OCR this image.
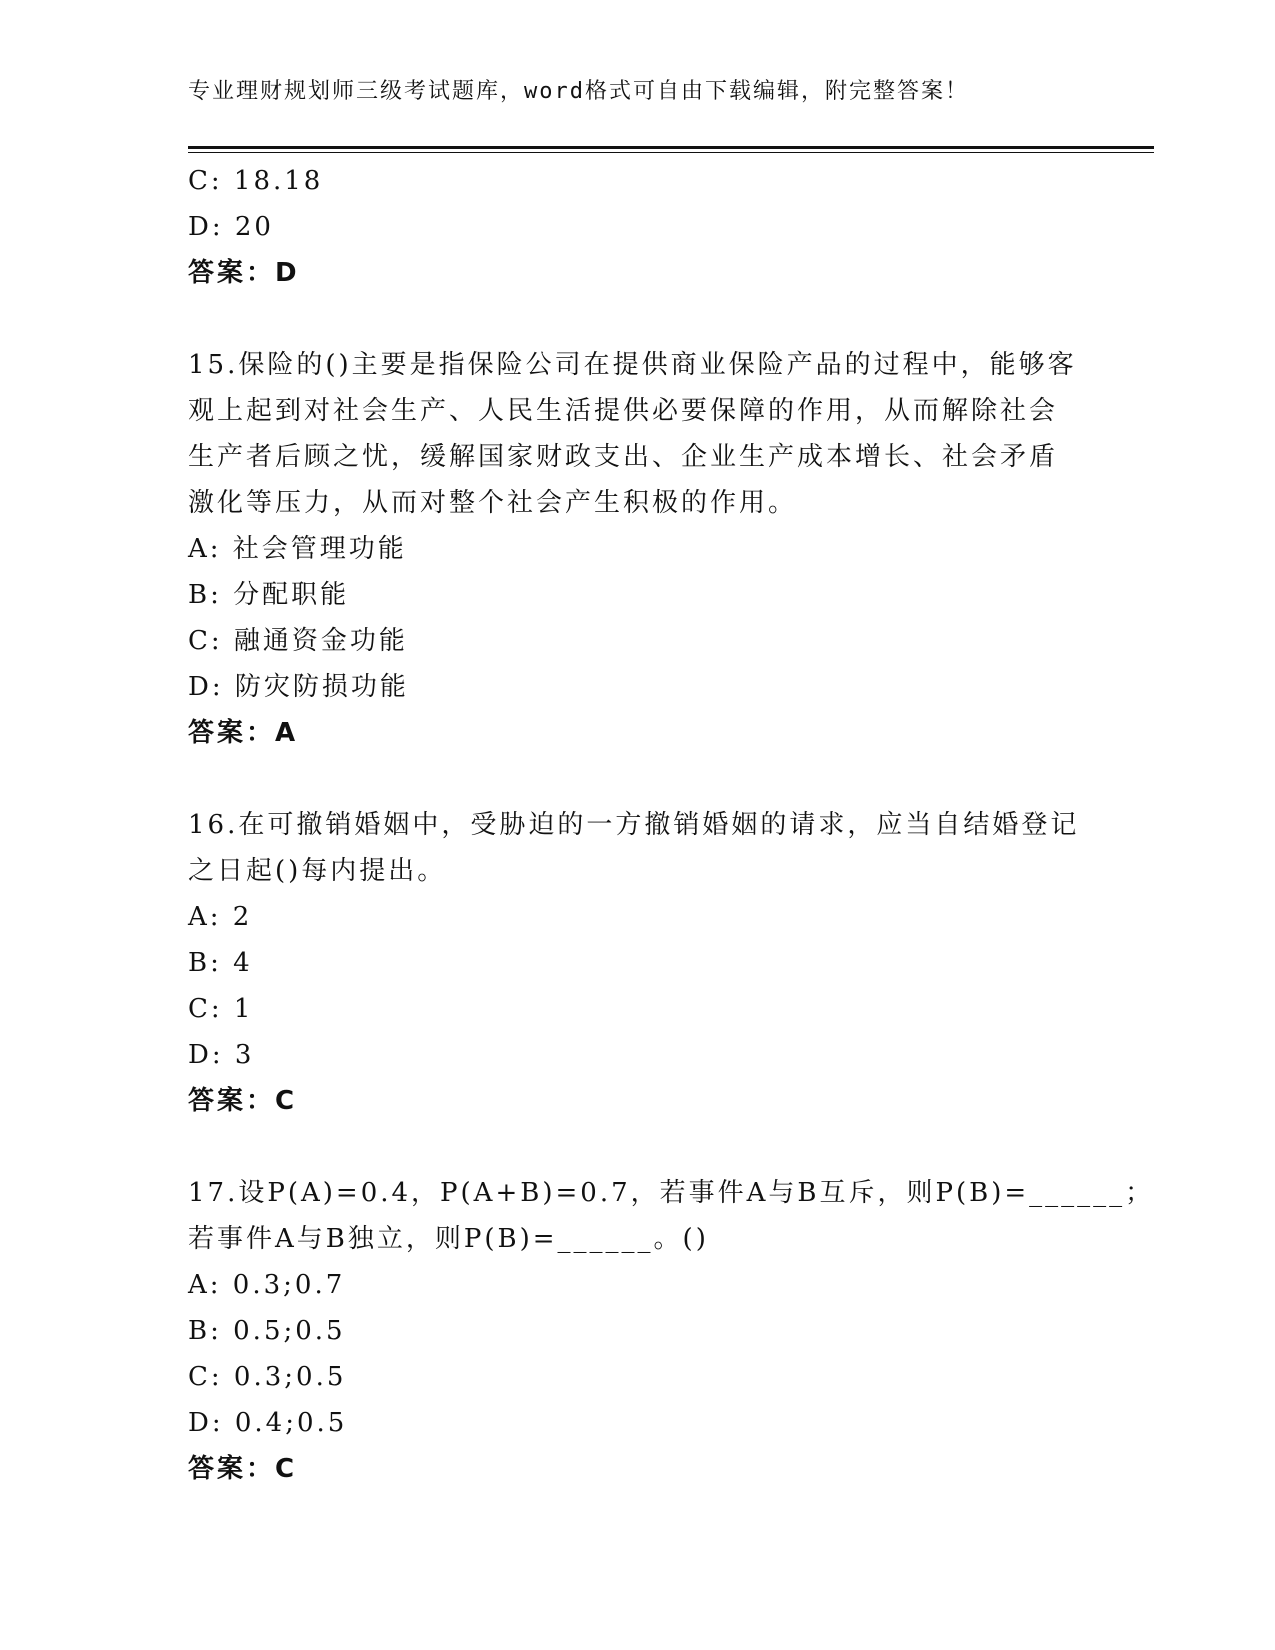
专业理财规划师三级考试题库，word格式可自由下载编辑，附完整答案！
C: 18.18
D: 20
答案：D
15.保险的()主要是指保险公司在提供商业保险产品的过程中，能够客
观上起到对社会生产、人民生活提供必要保障的作用，从而解除社会
生产者后顾之忧，缓解国家财政支出、企业生产成本增长、社会矛盾
激化等压力，从而对整个社会产生积极的作用。
A: 社会管理功能
B: 分配职能
C: 融通资金功能
D: 防灾防损功能
答案：A
16.在可撤销婚姻中，受胁迫的一方撤销婚姻的请求，应当自结婚登记
之日起()每内提出。
A: 2
B: 4
C: 1
D: 3
答案：C
17.设P(A)=0.4，P(A+B)=0.7，若事件A与B互斥，则P(B)=______；
若事件A与B独立，则P(B)=______。()
A: 0.3;0.7
B: 0.5;0.5
C: 0.3;0.5
D: 0.4;0.5
答案：C
